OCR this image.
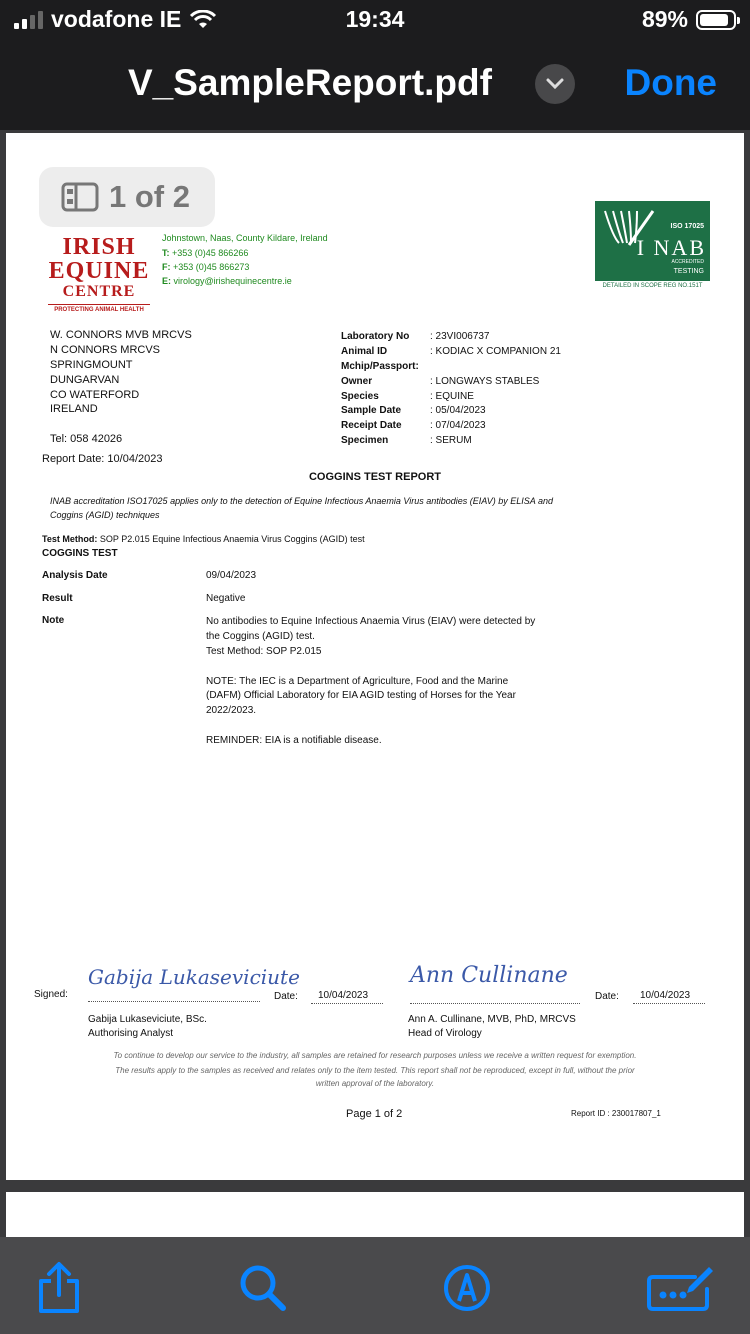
vodafone IE	19:34	89%
V_SampleReport.pdf	Done
IRISH
EQUINE
CENTRE
PROTECTING ANIMAL HEALTH
Johnstown, Naas, County Kildare, Ireland
T: +353 (0)45 866266
F: +353 (0)45 866273
E: virology@irishequinecentre.ie
ISO 17025
I NAB
ACCREDITED
TESTING
DETAILED IN SCOPE REG NO.151T
1 of 2
W. CONNORS MVB MRCVS
N CONNORS MRCVS
SPRINGMOUNT
DUNGARVAN
CO WATERFORD
IRELAND
Tel: 058 42026
Report Date: 10/04/2023
Laboratory No : 23VI006737
Animal ID	: KODIAC X COMPANION 21
Mchip/Passport:
Owner	: LONGWAYS STABLES
Species	: EQUINE
Sample Date	: 05/04/2023
Receipt Date	: 07/04/2023
Specimen	: SERUM
COGGINS TEST REPORT
INAB accreditation ISO17025 applies only to the detection of Equine Infectious Anaemia Virus antibodies (EIAV) by ELISA and
Coggins (AGID) techniques
Test Method: SOP P2.015 Equine Infectious Anaemia Virus Coggins (AGID) test
COGGINS TEST
Analysis Date	09/04/2023
Result	Negative
Note	No antibodies to Equine Infectious Anaemia Virus (EIAV) were detected by
the Coggins (AGID) test.
Test Method: SOP P2.015
NOTE: The IEC is a Department of Agriculture, Food and the Marine
(DAFM) Official Laboratory for EIA AGID testing of Horses for the Year
2022/2023.
REMINDER: EIA is a notifiable disease.
Signed:
Gabija Lukaseviciute
Date: 10/04/2023
Gabija Lukaseviciute, BSc.
Authorising Analyst
Ann Cullinane
Date: 10/04/2023
Ann A. Cullinane, MVB, PhD, MRCVS
Head of Virology
To continue to develop our service to the industry, all samples are retained for research purposes unless we receive a written request for exemption.
The results apply to the samples as received and relates only to the item tested. This report shall not be reproduced, except in full, without the prior
written approval of the laboratory.
Page 1 of 2	Report ID : 230017807_1
